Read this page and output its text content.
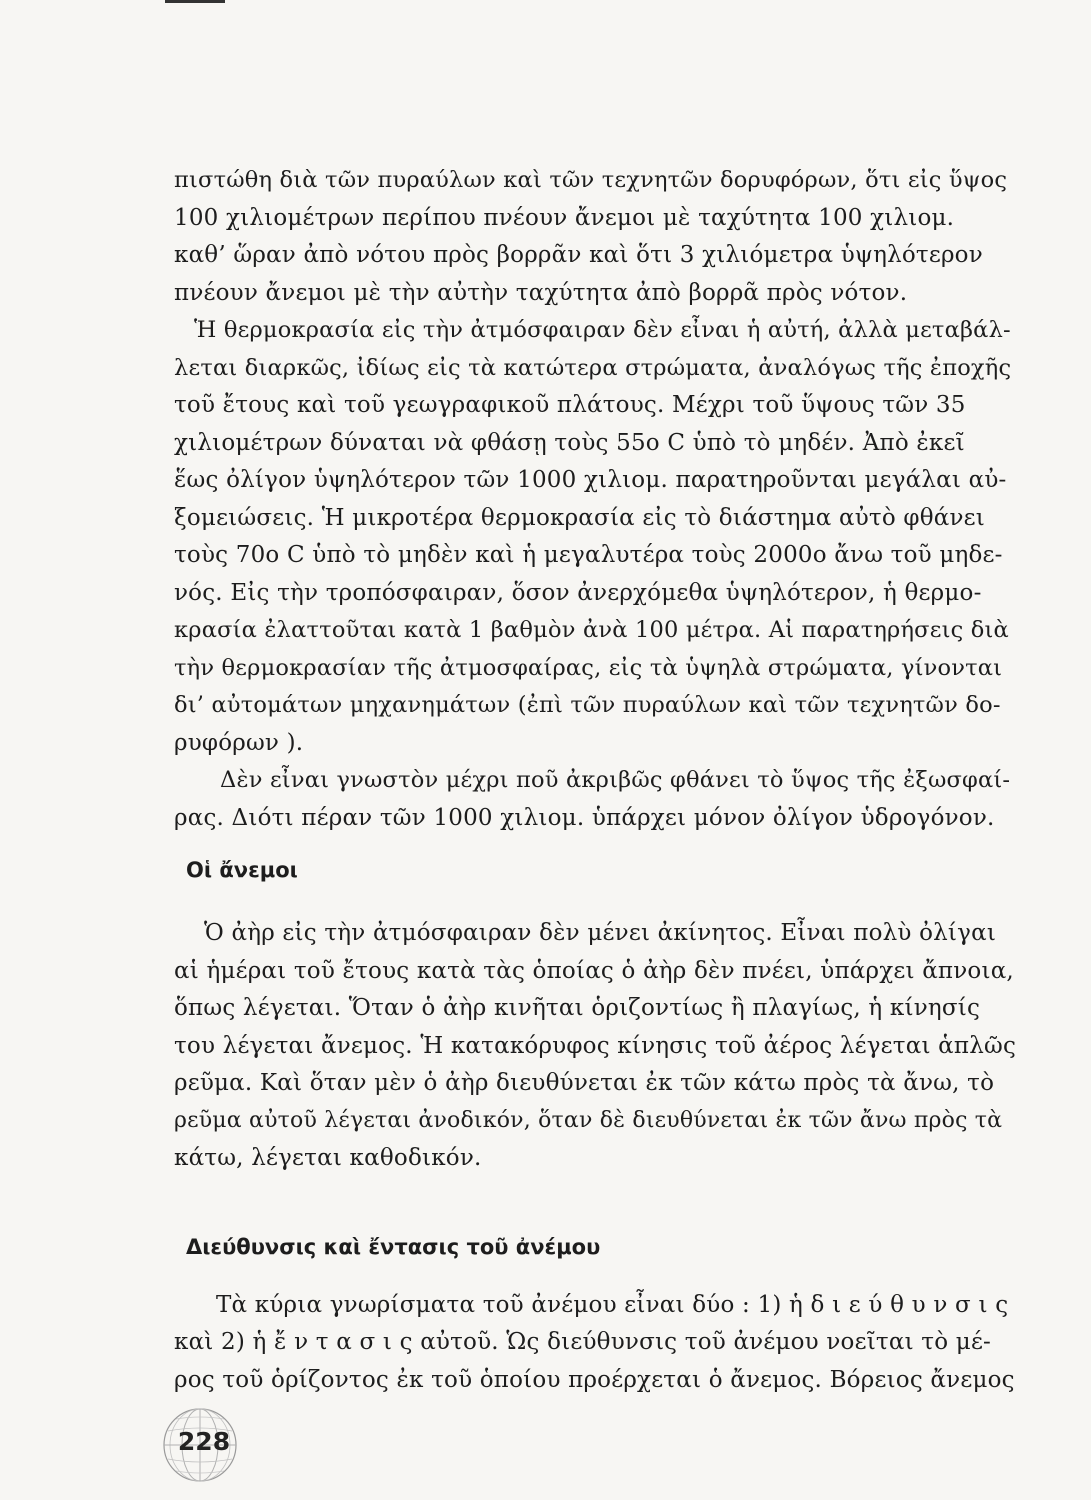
πιστώθη διὰ τῶν πυραύλων καὶ τῶν τεχνητῶν δορυφόρων, ὅτι εἰς ὕψος
100 χιλιομέτρων περίπου πνέουν ἄνεμοι μὲ ταχύτητα 100 χιλιομ.
καθ’ ὥραν ἀπὸ νότου πρὸς βορρᾶν καὶ ὅτι 3 χιλιόμετρα ὑψηλότερον
πνέουν ἄνεμοι μὲ τὴν αὐτὴν ταχύτητα ἀπὸ βορρᾶ πρὸς νότον.
Ἡ θερμοκρασία εἰς τὴν ἀτμόσφαιραν δὲν εἶναι ἡ αὐτή, ἀλλὰ μεταβάλ-
λεται διαρκῶς, ἰδίως εἰς τὰ κατώτερα στρώματα, ἀναλόγως τῆς ἐποχῆς
τοῦ ἔτους καὶ τοῦ γεωγραφικοῦ πλάτους. Μέχρι τοῦ ὕψους τῶν 35
χιλιομέτρων δύναται νὰ φθάσῃ τοὺς 55ο C ὑπὸ τὸ μηδέν. Ἀπὸ ἐκεῖ
ἕως ὀλίγον ὑψηλότερον τῶν 1000 χιλιομ. παρατηροῦνται μεγάλαι αὐ-
ξομειώσεις. Ἡ μικροτέρα θερμοκρασία εἰς τὸ διάστημα αὐτὸ φθάνει
τοὺς 70ο C ὑπὸ τὸ μηδὲν καὶ ἡ μεγαλυτέρα τοὺς 2000ο ἄνω τοῦ μηδε-
νός. Εἰς τὴν τροπόσφαιραν, ὅσον ἀνερχόμεθα ὑψηλότερον, ἡ θερμο-
κρασία ἐλαττοῦται κατὰ 1 βαθμὸν ἀνὰ 100 μέτρα. Αἱ παρατηρήσεις διὰ
τὴν θερμοκρασίαν τῆς ἀτμοσφαίρας, εἰς τὰ ὑψηλὰ στρώματα, γίνονται
δι’ αὐτομάτων μηχανημάτων (ἐπὶ τῶν πυραύλων καὶ τῶν τεχνητῶν δο-
ρυφόρων ).
Δὲν εἶναι γνωστὸν μέχρι ποῦ ἀκριβῶς φθάνει τὸ ὕψος τῆς ἐξωσφαί-
ρας. Διότι πέραν τῶν 1000 χιλιομ. ὑπάρχει μόνον ὀλίγον ὑδρογόνον.
Οἱ ἄνεμοι
Ὁ ἀὴρ εἰς τὴν ἀτμόσφαιραν δὲν μένει ἀκίνητος. Εἶναι πολὺ ὀλίγαι
αἱ ἡμέραι τοῦ ἔτους κατὰ τὰς ὁποίας ὁ ἀὴρ δὲν πνέει, ὑπάρχει ἄπνοια,
ὅπως λέγεται. Ὅταν ὁ ἀὴρ κινῆται ὁριζοντίως ἢ πλαγίως, ἡ κίνησίς
του λέγεται ἄνεμος. Ἡ κατακόρυφος κίνησις τοῦ ἀέρος λέγεται ἁπλῶς
ρεῦμα. Καὶ ὅταν μὲν ὁ ἀὴρ διευθύνεται ἐκ τῶν κάτω πρὸς τὰ ἄνω, τὸ
ρεῦμα αὐτοῦ λέγεται ἀνοδικόν, ὅταν δὲ διευθύνεται ἐκ τῶν ἄνω πρὸς τὰ
κάτω, λέγεται καθοδικόν.
Διεύθυνσις καὶ ἔντασις τοῦ ἀνέμου
Τὰ κύρια γνωρίσματα τοῦ ἀνέμου εἶναι δύο : 1) ἡ δ ι ε ύ θ υ ν σ ι ς
καὶ 2) ἡ ἔ ν τ α σ ι ς αὐτοῦ. Ὡς διεύθυνσις τοῦ ἀνέμου νοεῖται τὸ μέ-
ρος τοῦ ὁρίζοντος ἐκ τοῦ ὁποίου προέρχεται ὁ ἄνεμος. Βόρειος ἄνεμος
228
